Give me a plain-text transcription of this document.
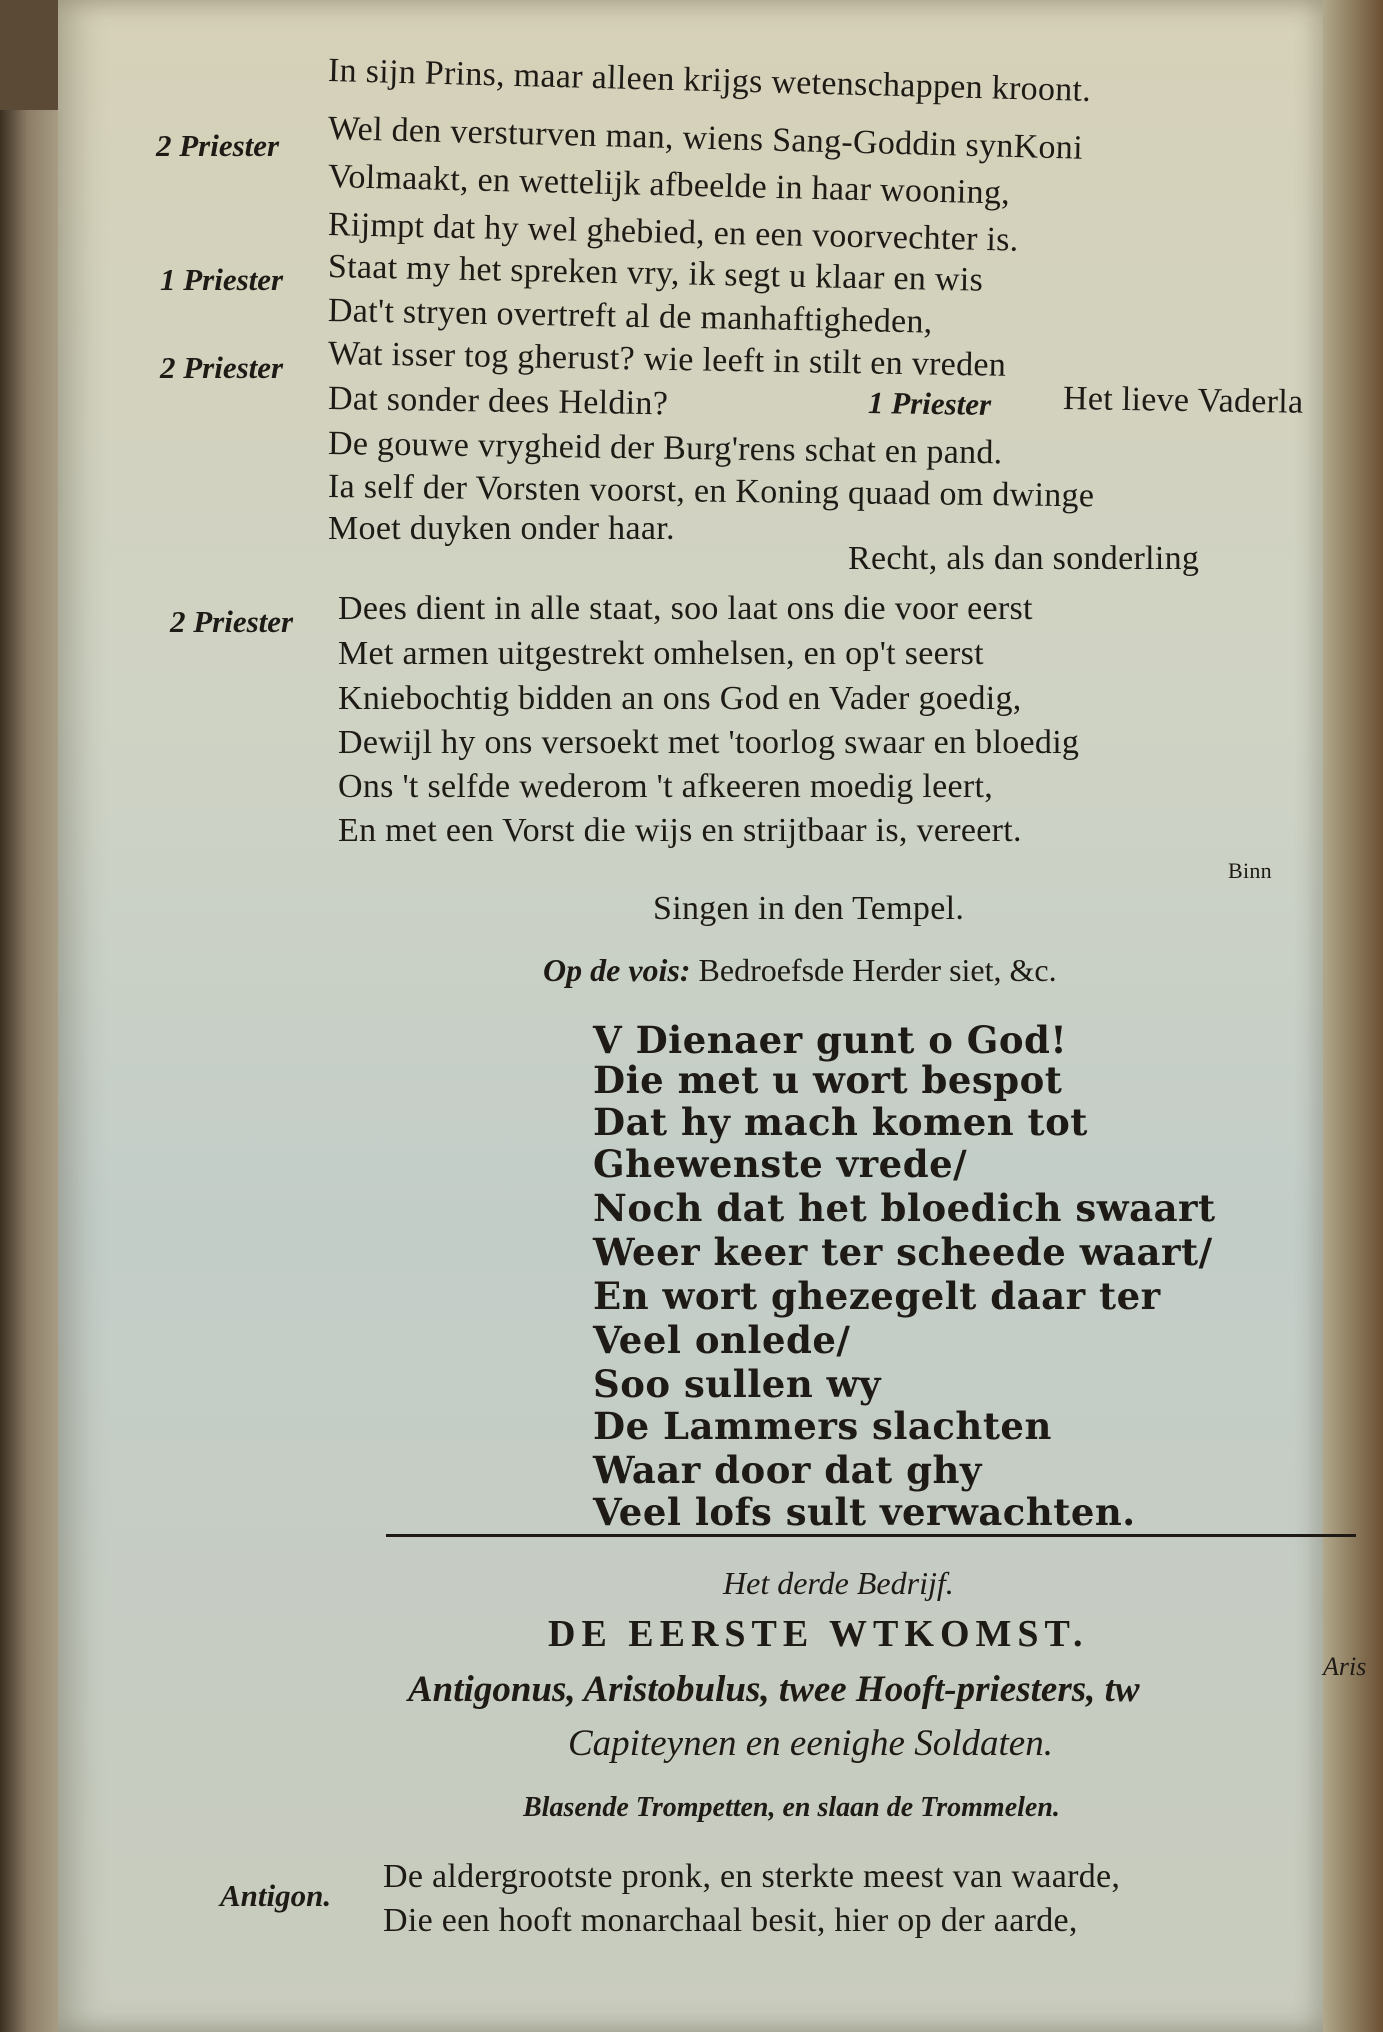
In sijn Prins, maar alleen krijgs wetenschappen kroont.
2 Priester Wel den versturven man, wiens Sang-Goddin synKoni
Volmaakt, en wettelijk afbeelde in haar wooning,
Rijmpt dat hy wel ghebied, en een voorvechter is.
1 Priester Staat my het spreken vry, ik segt u klaar en wis
Dat't stryen overtreft al de manhaftigheden,
2 Priester Wat isser tog gherust? wie leeft in stilt en vreden
Dat sonder dees Heldin?	1 Priester Het lieve Vaderla
De gouwe vrygheid der Burg'rens schat en pand.
Ia self der Vorsten voorst, en Koning quaad om dwinge
Moet duyken onder haar.
Recht, als dan sonderling
2 Priester Dees dient in alle staat, soo laat ons die voor eerst
Met armen uitgestrekt omhelsen, en op't seerst
Kniebochtig bidden an ons God en Vader goedig,
Dewijl hy ons versoekt met 'toorlog swaar en bloedig
Ons 't selfde wederom 't afkeeren moedig leert,
En met een Vorst die wijs en strijtbaar is, vereert.
Binn
Singen in den Tempel.
Op de vois: Bedroefsde Herder siet, &c.
V Dienaer gunt o God!
Die met u wort bespot
Dat hy mach komen tot
Ghewenste vrede/
Noch dat het bloedich swaart
Weer keer ter scheede waart/
En wort ghezegelt daar ter
Veel onlede/
Soo sullen wy
De Lammers slachten
Waar door dat ghy
Veel lofs sult verwachten.
Het derde Bedrijf.
DE EERSTE WTKOMST.
Antigonus, Aristobulus, twee Hooft-priesters, tw
Capiteynen en eenighe Soldaten.
Blasende Trompetten, en slaan de Trommelen.
Aris
Antigon.
De aldergrootste pronk, en sterkte meest van waarde,
Die een hooft monarchaal besit, hier op der aarde,
